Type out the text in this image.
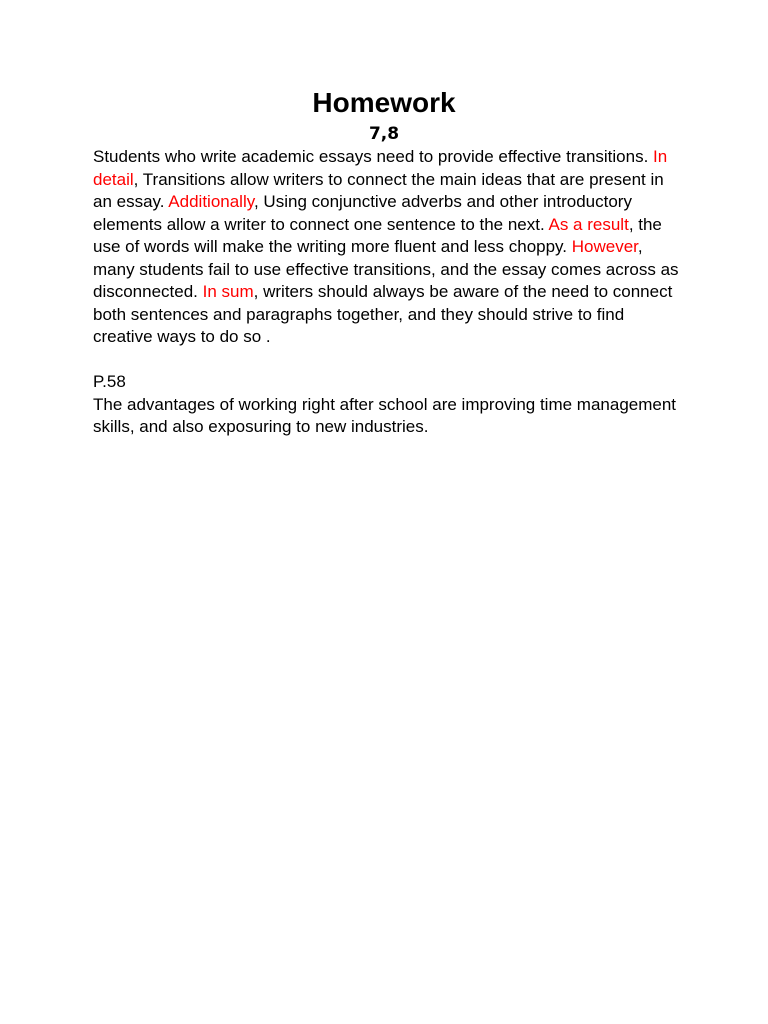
Homework
7,8

Students who write academic essays need to provide effective transitions. In detail, Transitions allow writers to connect the main ideas that are present in an essay. Additionally, Using conjunctive adverbs and other introductory elements allow a writer to connect one sentence to the next. As a result, the use of words will make the writing more fluent and less choppy. However, many students fail to use effective transitions, and the essay comes across as disconnected. In sum, writers should always be aware of the need to connect both sentences and paragraphs together, and they should strive to find creative ways to do so .

P.58
The advantages of working right after school are improving time management skills, and also exposuring to new industries.
